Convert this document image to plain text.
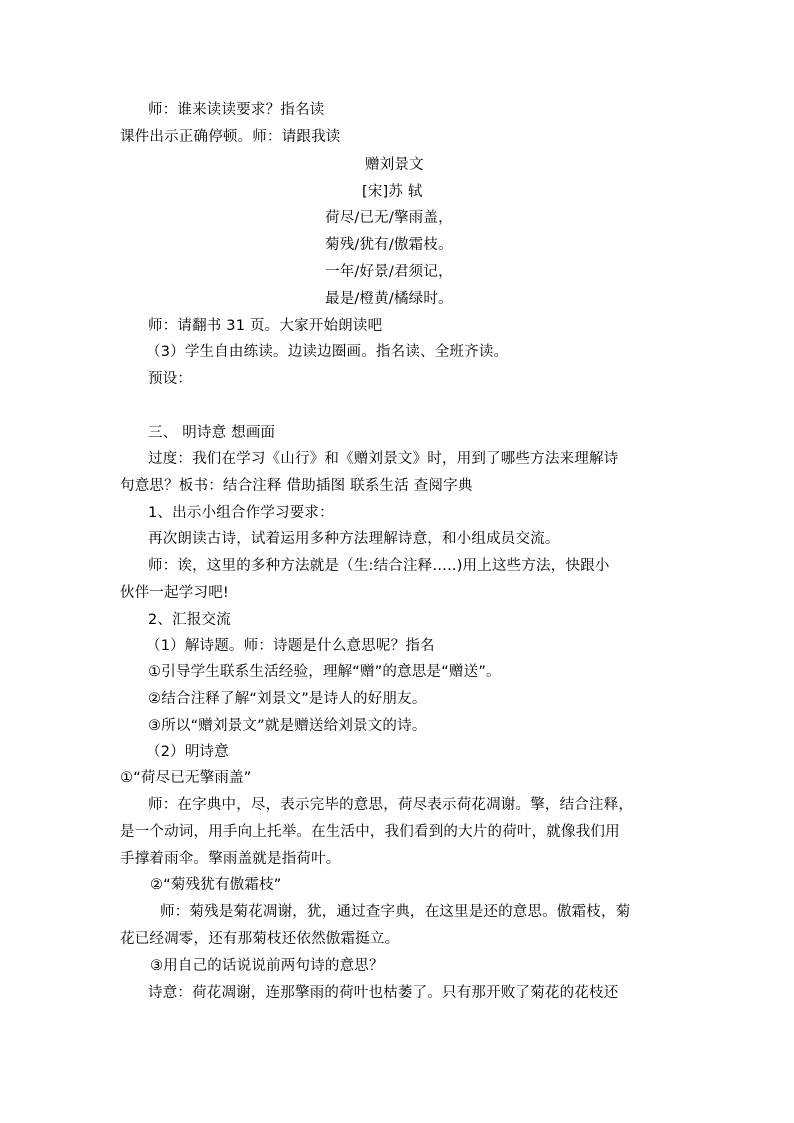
师：谁来读读要求？指名读
课件出示正确停顿。师：请跟我读
赠刘景文
[宋]苏 轼
荷尽/已无/擎雨盖，
菊残/犹有/傲霜枝。
一年/好景/君须记，
最是/橙黄/橘绿时。
师：请翻书 31 页。大家开始朗读吧
（3）学生自由练读。边读边圈画。指名读、全班齐读。
预设：
三、 明诗意 想画面
过度：我们在学习《山行》和《赠刘景文》时，用到了哪些方法来理解诗
句意思？板书：结合注释 借助插图 联系生活 查阅字典
1、出示小组合作学习要求：
再次朗读古诗，试着运用多种方法理解诗意，和小组成员交流。
师：诶，这里的多种方法就是（生:结合注释…..)用上这些方法，快跟小
伙伴一起学习吧!
2、汇报交流
（1）解诗题。师：诗题是什么意思呢？指名
①引导学生联系生活经验，理解“赠”的意思是“赠送”。
②结合注释了解“刘景文”是诗人的好朋友。
③所以“赠刘景文”就是赠送给刘景文的诗。
（2）明诗意
①“荷尽已无擎雨盖”
师：在字典中，尽，表示完毕的意思，荷尽表示荷花凋谢。擎，结合注释，
是一个动词，用手向上托举。在生活中，我们看到的大片的荷叶，就像我们用
手撑着雨伞。擎雨盖就是指荷叶。
②“菊残犹有傲霜枝”
师：菊残是菊花凋谢，犹，通过查字典，在这里是还的意思。傲霜枝，菊
花已经凋零，还有那菊枝还依然傲霜挺立。
③用自己的话说说前两句诗的意思？
诗意：荷花凋谢，连那擎雨的荷叶也枯萎了。只有那开败了菊花的花枝还
